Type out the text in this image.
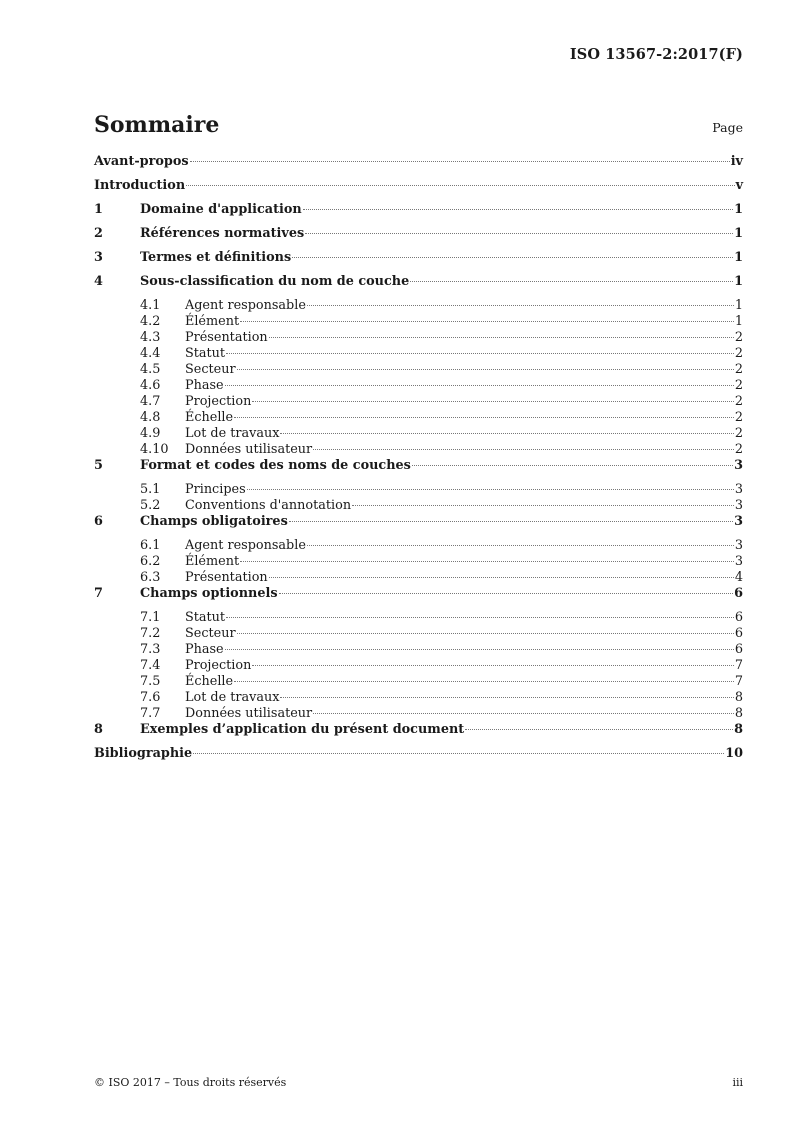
ISO 13567-2:2017(F)
Sommaire	Page
Avant-propos	iv
Introduction	v
1	Domaine d'application	1
2	Références normatives	1
3	Termes et définitions	1
4	Sous-classification du nom de couche	1
4.1	Agent responsable	1
4.2	Élément	1
4.3	Présentation	2
4.4	Statut	2
4.5	Secteur	2
4.6	Phase	2
4.7	Projection	2
4.8	Échelle	2
4.9	Lot de travaux	2
4.10	Données utilisateur	2
5	Format et codes des noms de couches	3
5.1	Principes	3
5.2	Conventions d'annotation	3
6	Champs obligatoires	3
6.1	Agent responsable	3
6.2	Élément	3
6.3	Présentation	4
7	Champs optionnels	6
7.1	Statut	6
7.2	Secteur	6
7.3	Phase	6
7.4	Projection	7
7.5	Échelle	7
7.6	Lot de travaux	8
7.7	Données utilisateur	8
8	Exemples d’application du présent document	8
Bibliographie	10
© ISO 2017 – Tous droits réservés	iii
